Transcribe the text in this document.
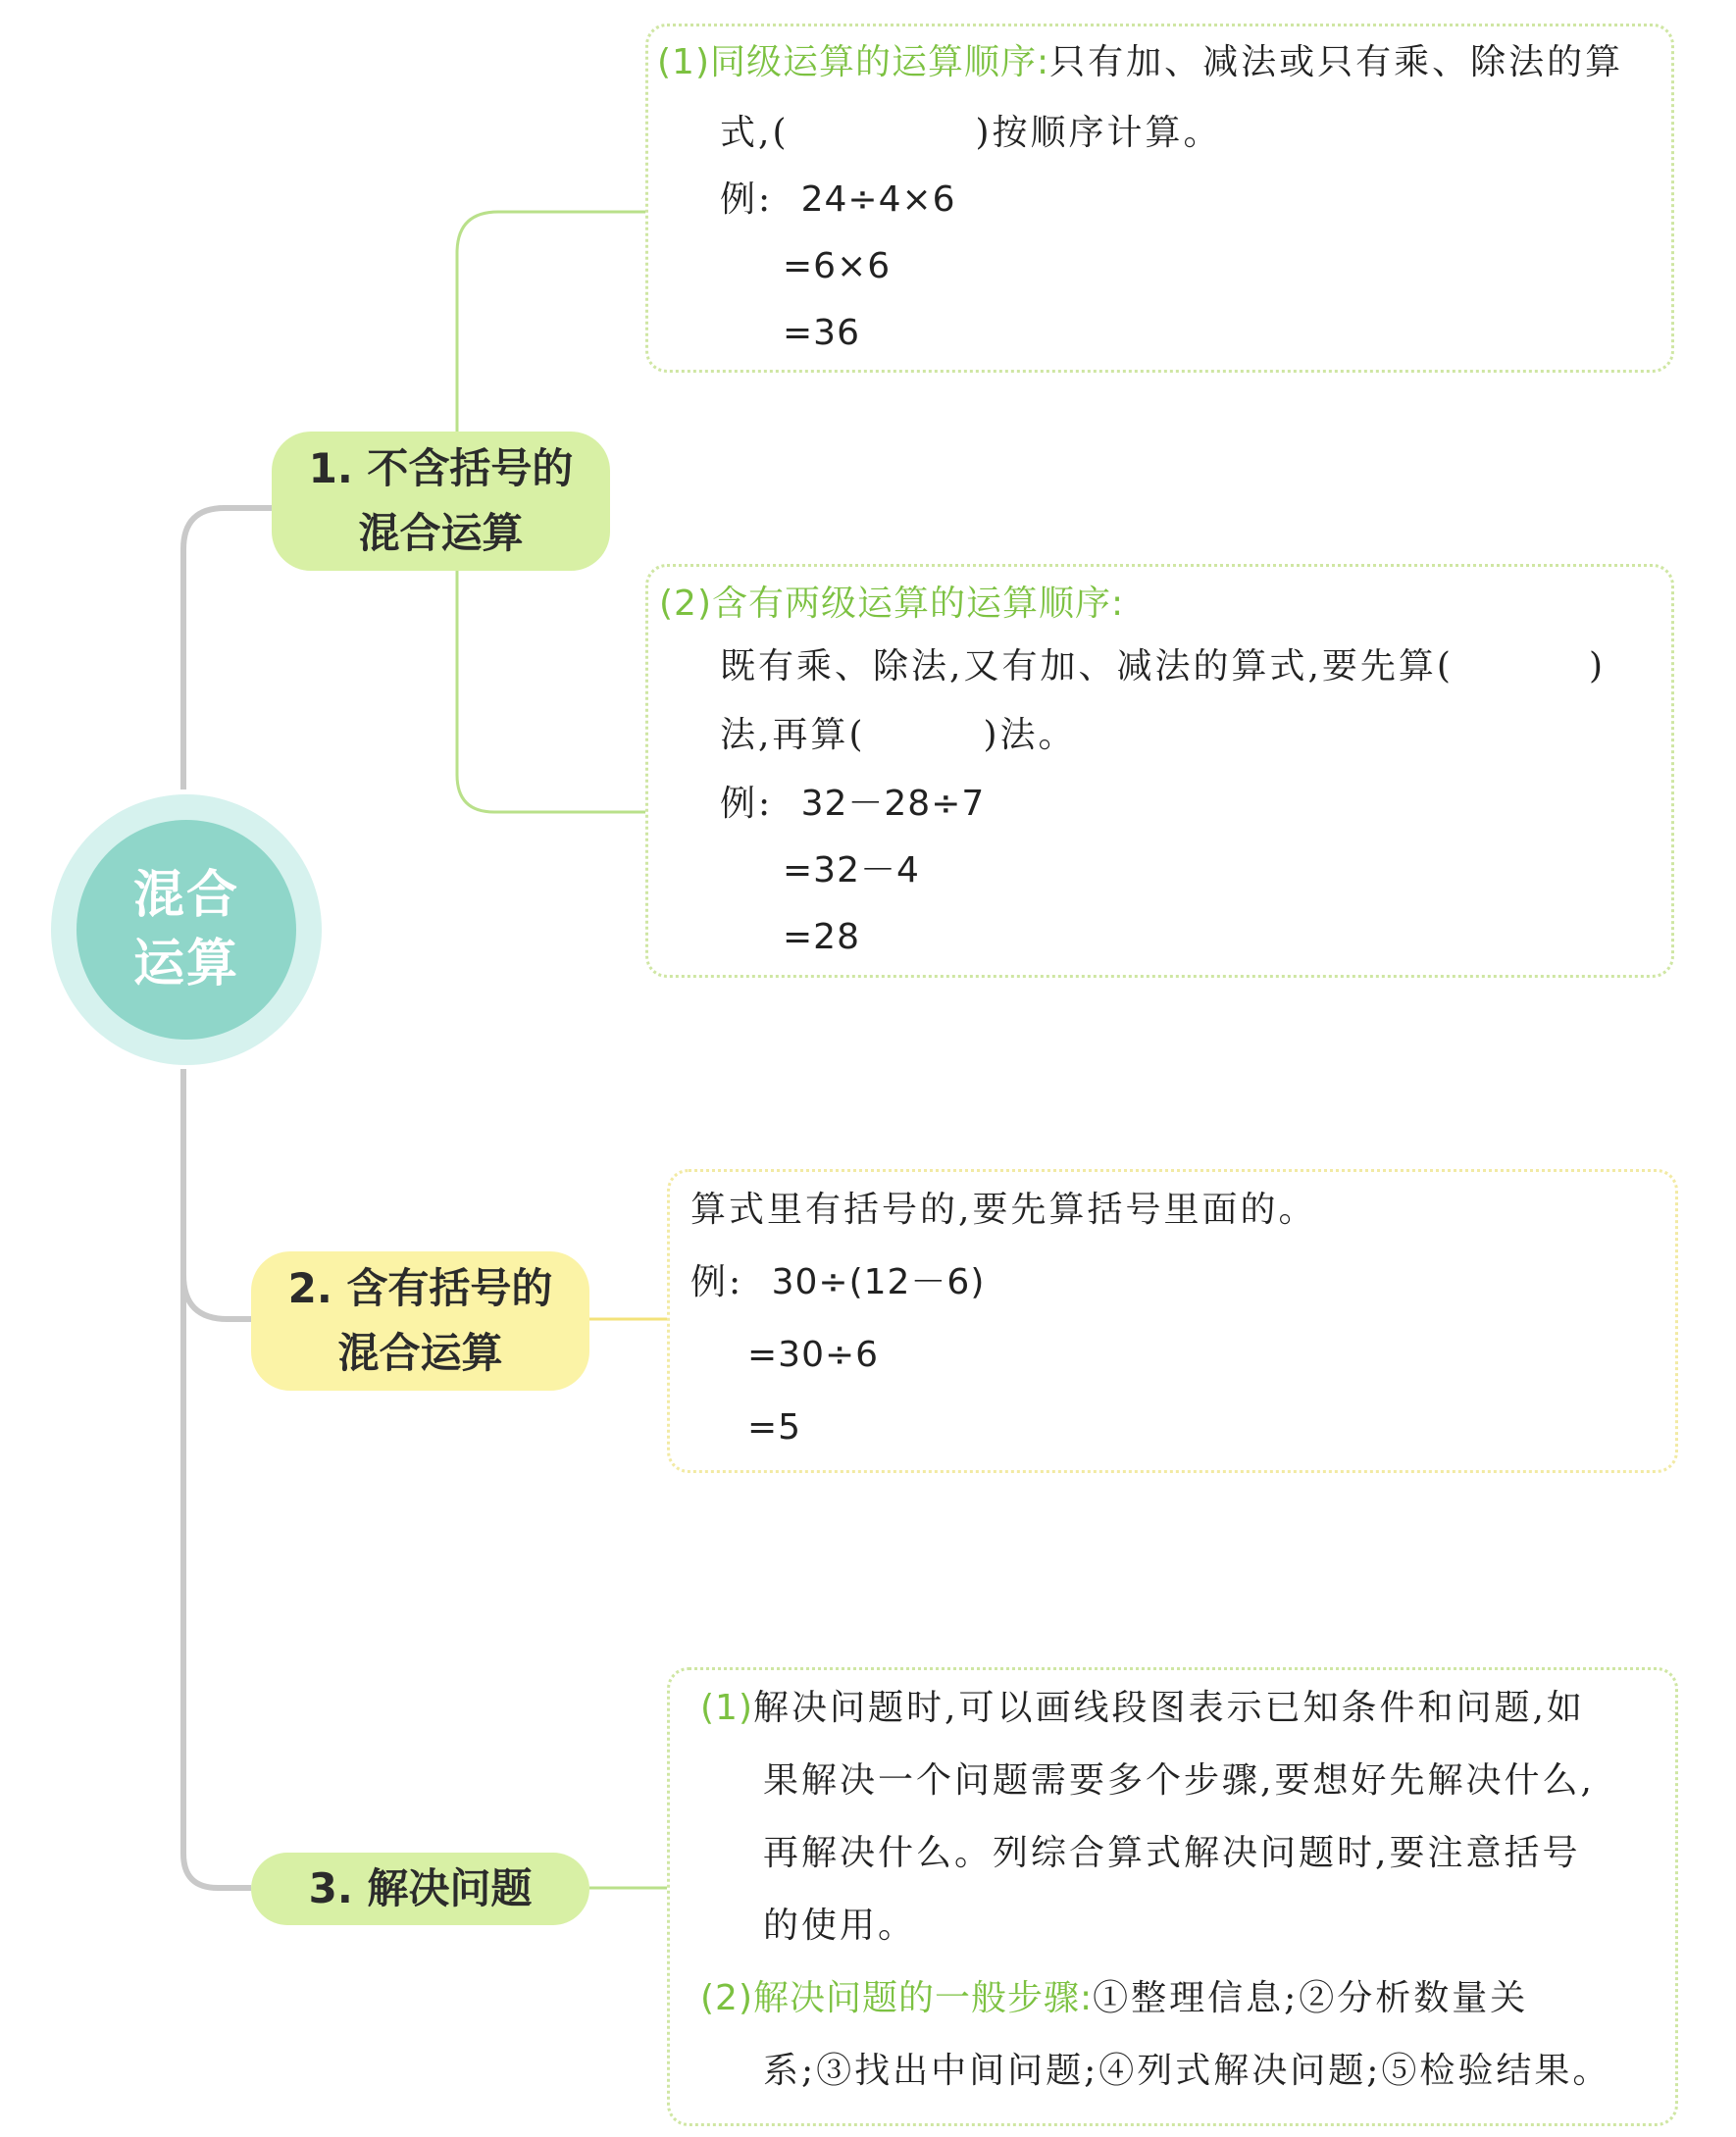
混合
运算
1. 不含括号的
混合运算
2. 含有括号的
混合运算
3. 解决问题
(1)同级运算的运算顺序:只有加、减法或只有乘、除法的算
式,(	)按顺序计算。
例: 24÷4×6
=6×6
=36
(2)含有两级运算的运算顺序:
既有乘、除法,又有加、减法的算式,要先算(	)
法,再算(	)法。
例: 32－28÷7
=32－4
=28
算式里有括号的,要先算括号里面的。
例: 30÷(12－6)
=30÷6
=5
(1)解决问题时,可以画线段图表示已知条件和问题,如
果解决一个问题需要多个步骤,要想好先解决什么,
再解决什么。列综合算式解决问题时,要注意括号
的使用。
(2)解决问题的一般步骤:①整理信息;②分析数量关
系;③找出中间问题;④列式解决问题;⑤检验结果。
